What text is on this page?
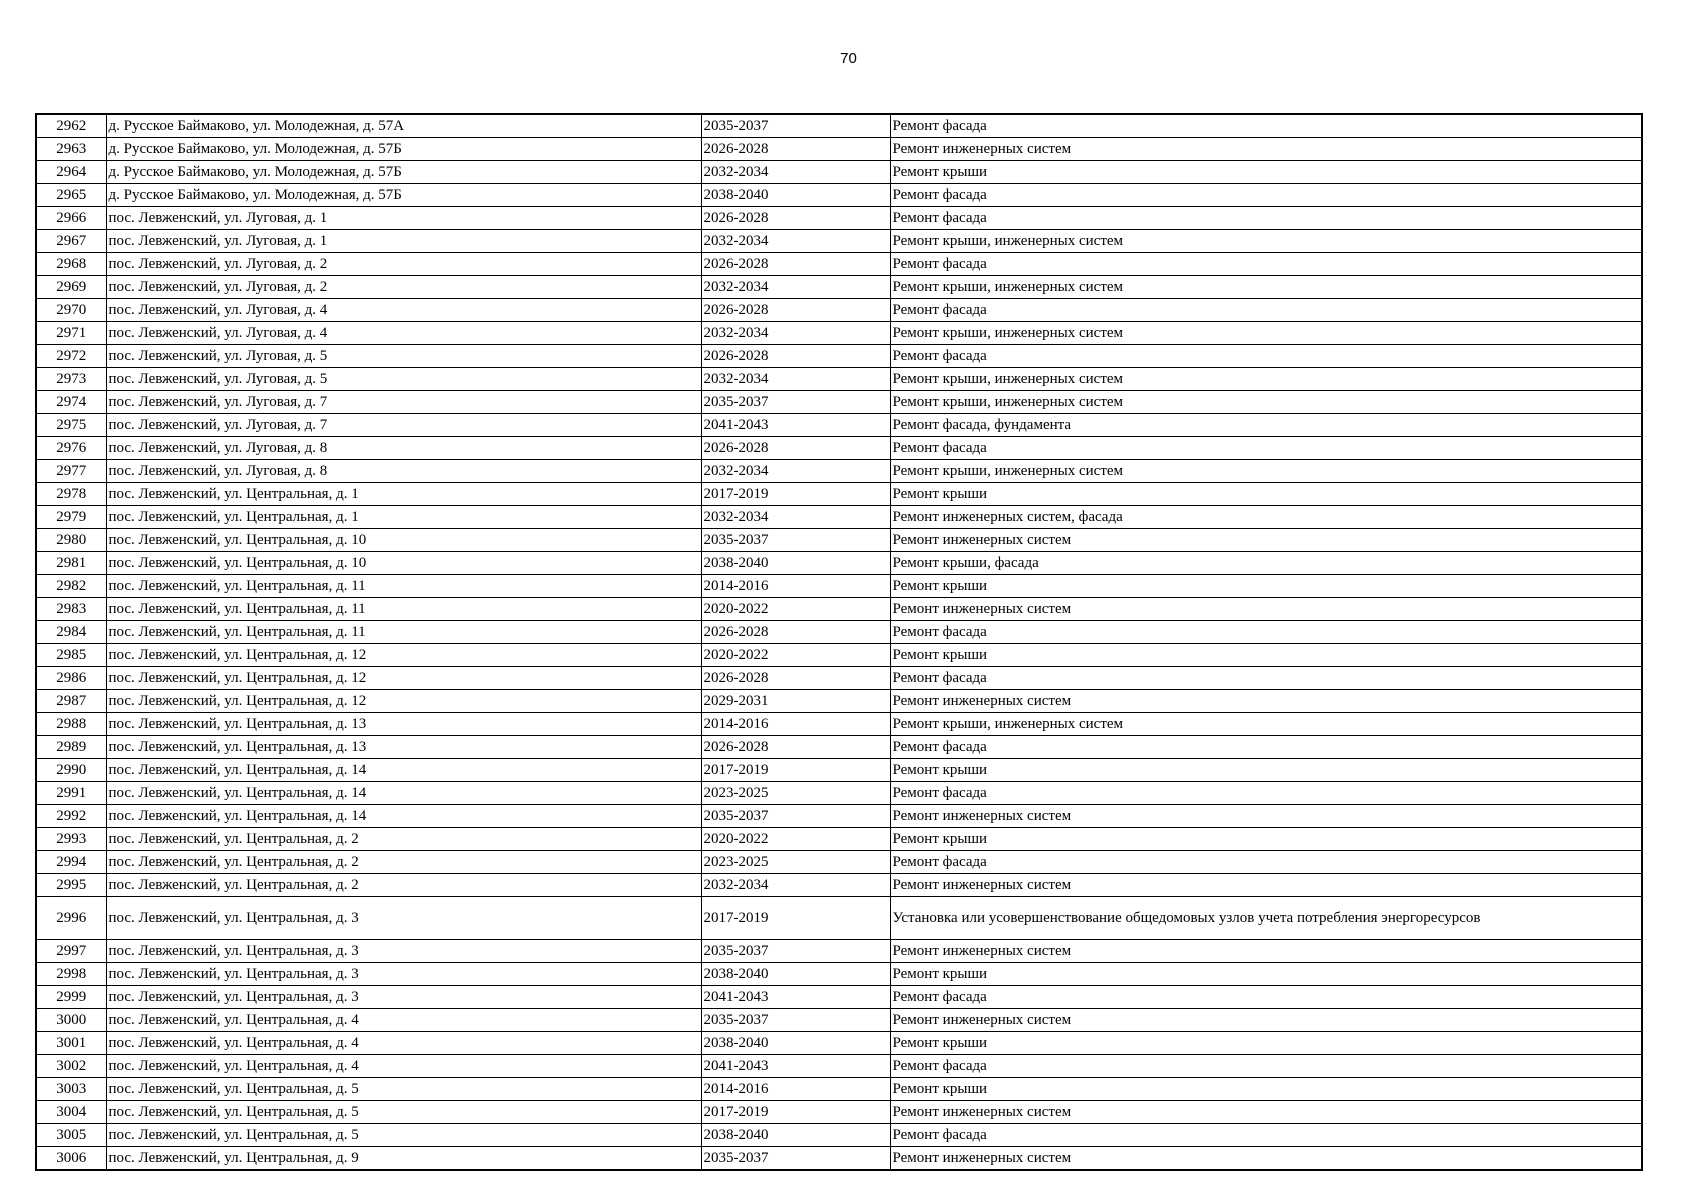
70
2962	д. Русское Баймаково, ул. Молодежная, д. 57А	2035-2037	Ремонт фасада
2963	д. Русское Баймаково, ул. Молодежная, д. 57Б	2026-2028	Ремонт инженерных систем
2964	д. Русское Баймаково, ул. Молодежная, д. 57Б	2032-2034	Ремонт крыши
2965	д. Русское Баймаково, ул. Молодежная, д. 57Б	2038-2040	Ремонт фасада
2966	пос. Левженский, ул. Луговая, д. 1	2026-2028	Ремонт фасада
2967	пос. Левженский, ул. Луговая, д. 1	2032-2034	Ремонт крыши, инженерных систем
2968	пос. Левженский, ул. Луговая, д. 2	2026-2028	Ремонт фасада
2969	пос. Левженский, ул. Луговая, д. 2	2032-2034	Ремонт крыши, инженерных систем
2970	пос. Левженский, ул. Луговая, д. 4	2026-2028	Ремонт фасада
2971	пос. Левженский, ул. Луговая, д. 4	2032-2034	Ремонт крыши, инженерных систем
2972	пос. Левженский, ул. Луговая, д. 5	2026-2028	Ремонт фасада
2973	пос. Левженский, ул. Луговая, д. 5	2032-2034	Ремонт крыши, инженерных систем
2974	пос. Левженский, ул. Луговая, д. 7	2035-2037	Ремонт крыши, инженерных систем
2975	пос. Левженский, ул. Луговая, д. 7	2041-2043	Ремонт фасада, фундамента
2976	пос. Левженский, ул. Луговая, д. 8	2026-2028	Ремонт фасада
2977	пос. Левженский, ул. Луговая, д. 8	2032-2034	Ремонт крыши, инженерных систем
2978	пос. Левженский, ул. Центральная, д. 1	2017-2019	Ремонт крыши
2979	пос. Левженский, ул. Центральная, д. 1	2032-2034	Ремонт инженерных систем, фасада
2980	пос. Левженский, ул. Центральная, д. 10	2035-2037	Ремонт инженерных систем
2981	пос. Левженский, ул. Центральная, д. 10	2038-2040	Ремонт крыши, фасада
2982	пос. Левженский, ул. Центральная, д. 11	2014-2016	Ремонт крыши
2983	пос. Левженский, ул. Центральная, д. 11	2020-2022	Ремонт инженерных систем
2984	пос. Левженский, ул. Центральная, д. 11	2026-2028	Ремонт фасада
2985	пос. Левженский, ул. Центральная, д. 12	2020-2022	Ремонт крыши
2986	пос. Левженский, ул. Центральная, д. 12	2026-2028	Ремонт фасада
2987	пос. Левженский, ул. Центральная, д. 12	2029-2031	Ремонт инженерных систем
2988	пос. Левженский, ул. Центральная, д. 13	2014-2016	Ремонт крыши, инженерных систем
2989	пос. Левженский, ул. Центральная, д. 13	2026-2028	Ремонт фасада
2990	пос. Левженский, ул. Центральная, д. 14	2017-2019	Ремонт крыши
2991	пос. Левженский, ул. Центральная, д. 14	2023-2025	Ремонт фасада
2992	пос. Левженский, ул. Центральная, д. 14	2035-2037	Ремонт инженерных систем
2993	пос. Левженский, ул. Центральная, д. 2	2020-2022	Ремонт крыши
2994	пос. Левженский, ул. Центральная, д. 2	2023-2025	Ремонт фасада
2995	пос. Левженский, ул. Центральная, д. 2	2032-2034	Ремонт инженерных систем
2996	пос. Левженский, ул. Центральная, д. 3	2017-2019	Установка или усовершенствование общедомовых узлов учета потребления энергоресурсов
2997	пос. Левженский, ул. Центральная, д. 3	2035-2037	Ремонт инженерных систем
2998	пос. Левженский, ул. Центральная, д. 3	2038-2040	Ремонт крыши
2999	пос. Левженский, ул. Центральная, д. 3	2041-2043	Ремонт фасада
3000	пос. Левженский, ул. Центральная, д. 4	2035-2037	Ремонт инженерных систем
3001	пос. Левженский, ул. Центральная, д. 4	2038-2040	Ремонт крыши
3002	пос. Левженский, ул. Центральная, д. 4	2041-2043	Ремонт фасада
3003	пос. Левженский, ул. Центральная, д. 5	2014-2016	Ремонт крыши
3004	пос. Левженский, ул. Центральная, д. 5	2017-2019	Ремонт инженерных систем
3005	пос. Левженский, ул. Центральная, д. 5	2038-2040	Ремонт фасада
3006	пос. Левженский, ул. Центральная, д. 9	2035-2037	Ремонт инженерных систем
